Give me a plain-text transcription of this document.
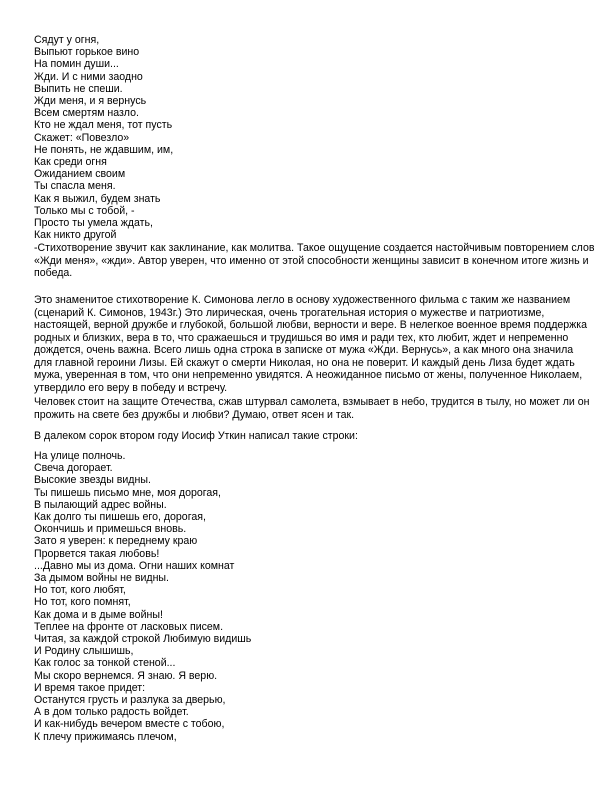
Сядут у огня,
Выпьют горькое вино
На помин души...
Жди. И с ними заодно
Выпить не спеши.
Жди меня, и я вернусь
Всем смертям назло.
Кто не ждал меня, тот пусть
Скажет: «Повезло»
Не понять, не ждавшим, им,
Как среди огня
Ожиданием своим
Ты спасла меня.
Как я выжил, будем знать
Только мы с тобой, -
Просто ты умела ждать,
Как никто другой
-Стихотворение звучит как заклинание, как молитва. Такое ощущение создается настойчивым повторением слов
«Жди меня», «жди». Автор уверен, что именно от этой способности женщины зависит в конечном итоге жизнь и
победа.
Это знаменитое стихотворение К. Симонова легло в основу художественного фильма с таким же названием
(сценарий К. Симонов, 1943г.) Это лирическая, очень трогательная история о мужестве и патриотизме,
настоящей, верной дружбе и глубокой, большой любви, верности и вере. В нелегкое военное время поддержка
родных и близких, вера в то, что сражаешься и трудишься во имя и ради тех, кто любит, ждет и непременно
дождется, очень важна. Всего лишь одна строка в записке от мужа «Жди. Вернусь», а как много она значила
для главной героини Лизы. Ей скажут о смерти Николая, но она не поверит. И каждый день Лиза будет ждать
мужа, уверенная в том, что они непременно увидятся. А неожиданное письмо от жены, полученное Николаем,
утвердило его веру в победу и встречу.
Человек стоит на защите Отечества, сжав штурвал самолета, взмывает в небо, трудится в тылу, но может ли он
прожить на свете без дружбы и любви? Думаю, ответ ясен и так.
В далеком сорок втором году Иосиф Уткин написал такие строки:
На улице полночь.
Свеча догорает.
Высокие звезды видны.
Ты пишешь письмо мне, моя дорогая,
В пылающий адрес войны.
Как долго ты пишешь его, дорогая,
Окончишь и примешься вновь.
Зато я уверен: к переднему краю
Прорвется такая любовь!
...Давно мы из дома. Огни наших комнат
За дымом войны не видны.
Но тот, кого любят,
Но тот, кого помнят,
Как дома и в дыме войны!
Теплее на фронте от ласковых писем.
Читая, за каждой строкой Любимую видишь
И Родину слышишь,
Как голос за тонкой стеной...
Мы скоро вернемся. Я знаю. Я верю.
И время такое придет:
Останутся грусть и разлука за дверью,
А в дом только радость войдет.
И как-нибудь вечером вместе с тобою,
К плечу прижимаясь плечом,
